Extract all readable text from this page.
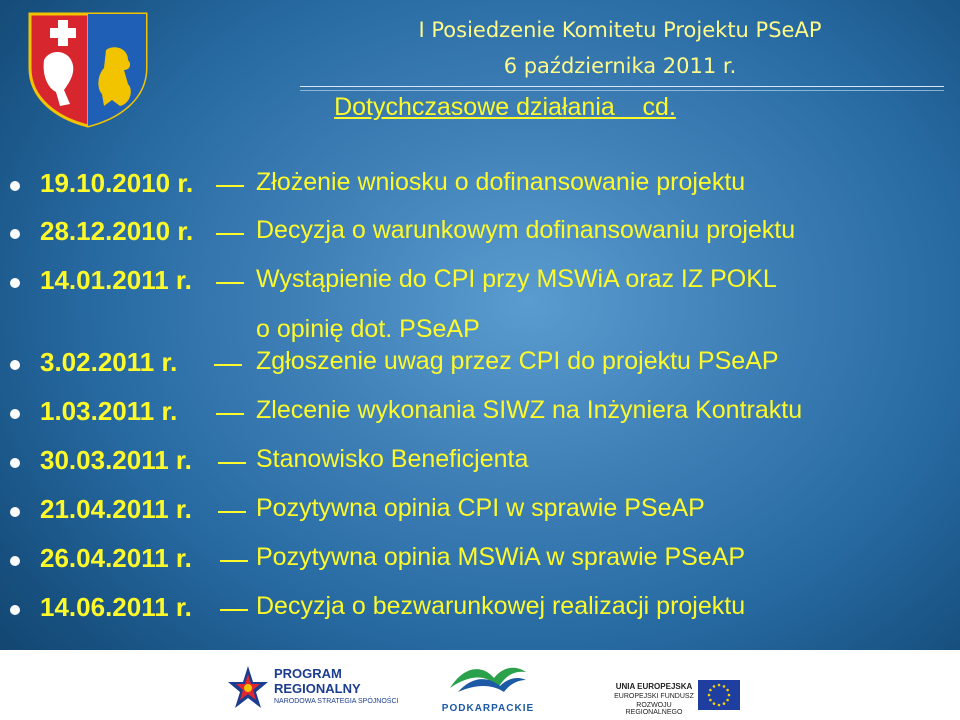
I Posiedzenie Komitetu Projektu PSeAP
6 października 2011 r.
Dotychczasowe działania    cd.
19.10.2010 r.	Złożenie wniosku o dofinansowanie projektu
28.12.2010 r.	Decyzja o warunkowym dofinansowaniu projektu
14.01.2011 r.	Wystąpienie do CPI przy MSWiA oraz IZ POKL
o opinię dot. PSeAP
3.02.2011 r.	Zgłoszenie uwag przez CPI do projektu PSeAP
1.03.2011 r.	Zlecenie wykonania SIWZ na Inżyniera Kontraktu
30.03.2011 r.	Stanowisko Beneficjenta
21.04.2011 r.	Pozytywna opinia CPI w sprawie PSeAP
26.04.2011 r.	Pozytywna opinia MSWiA w sprawie PSeAP
14.06.2011 r.	Decyzja o bezwarunkowej realizacji projektu
PROGRAM
REGIONALNY
NARODOWA STRATEGIA SPÓJNOŚCI
PODKARPACKIE
UNIA EUROPEJSKA
EUROPEJSKI FUNDUSZ
ROZWOJU REGIONALNEGO
